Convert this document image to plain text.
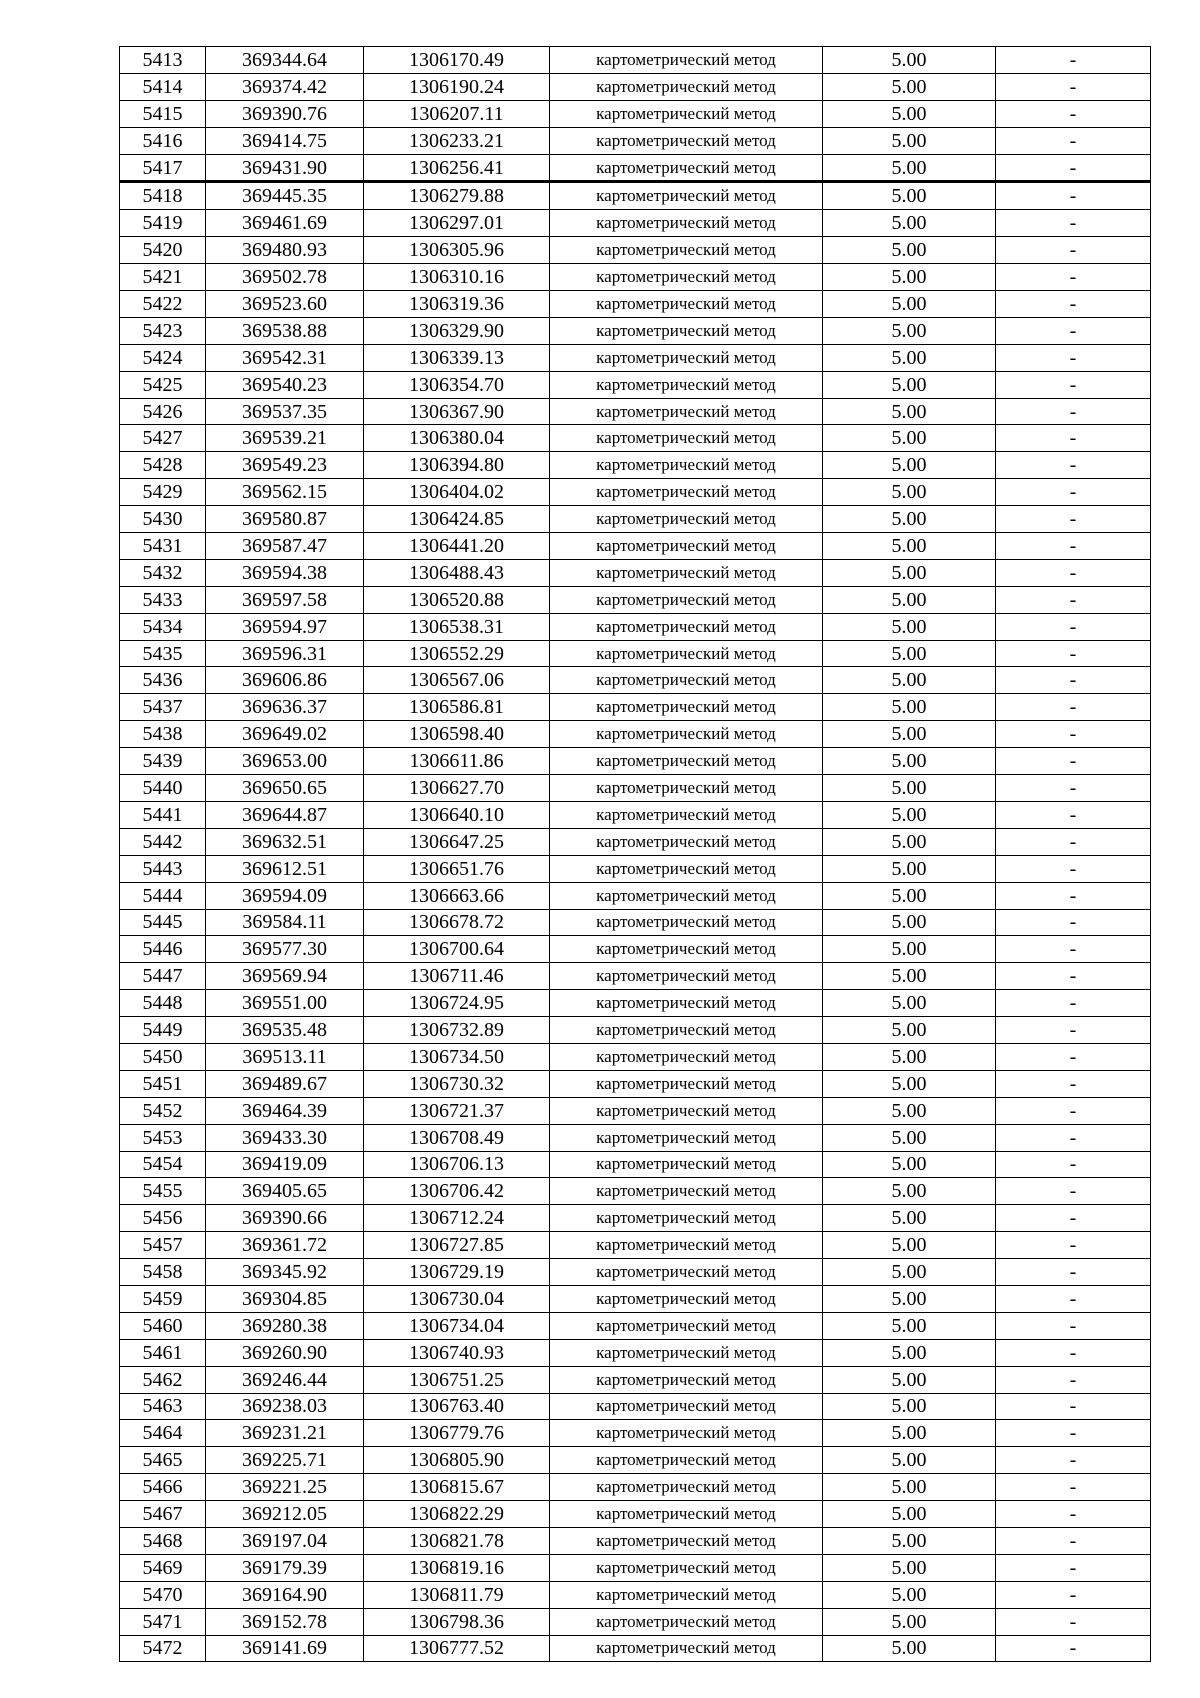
5413	369344.64	1306170.49	картометрический метод	5.00	-
5414	369374.42	1306190.24	картометрический метод	5.00	-
5415	369390.76	1306207.11	картометрический метод	5.00	-
5416	369414.75	1306233.21	картометрический метод	5.00	-
5417	369431.90	1306256.41	картометрический метод	5.00	-
5418	369445.35	1306279.88	картометрический метод	5.00	-
5419	369461.69	1306297.01	картометрический метод	5.00	-
5420	369480.93	1306305.96	картометрический метод	5.00	-
5421	369502.78	1306310.16	картометрический метод	5.00	-
5422	369523.60	1306319.36	картометрический метод	5.00	-
5423	369538.88	1306329.90	картометрический метод	5.00	-
5424	369542.31	1306339.13	картометрический метод	5.00	-
5425	369540.23	1306354.70	картометрический метод	5.00	-
5426	369537.35	1306367.90	картометрический метод	5.00	-
5427	369539.21	1306380.04	картометрический метод	5.00	-
5428	369549.23	1306394.80	картометрический метод	5.00	-
5429	369562.15	1306404.02	картометрический метод	5.00	-
5430	369580.87	1306424.85	картометрический метод	5.00	-
5431	369587.47	1306441.20	картометрический метод	5.00	-
5432	369594.38	1306488.43	картометрический метод	5.00	-
5433	369597.58	1306520.88	картометрический метод	5.00	-
5434	369594.97	1306538.31	картометрический метод	5.00	-
5435	369596.31	1306552.29	картометрический метод	5.00	-
5436	369606.86	1306567.06	картометрический метод	5.00	-
5437	369636.37	1306586.81	картометрический метод	5.00	-
5438	369649.02	1306598.40	картометрический метод	5.00	-
5439	369653.00	1306611.86	картометрический метод	5.00	-
5440	369650.65	1306627.70	картометрический метод	5.00	-
5441	369644.87	1306640.10	картометрический метод	5.00	-
5442	369632.51	1306647.25	картометрический метод	5.00	-
5443	369612.51	1306651.76	картометрический метод	5.00	-
5444	369594.09	1306663.66	картометрический метод	5.00	-
5445	369584.11	1306678.72	картометрический метод	5.00	-
5446	369577.30	1306700.64	картометрический метод	5.00	-
5447	369569.94	1306711.46	картометрический метод	5.00	-
5448	369551.00	1306724.95	картометрический метод	5.00	-
5449	369535.48	1306732.89	картометрический метод	5.00	-
5450	369513.11	1306734.50	картометрический метод	5.00	-
5451	369489.67	1306730.32	картометрический метод	5.00	-
5452	369464.39	1306721.37	картометрический метод	5.00	-
5453	369433.30	1306708.49	картометрический метод	5.00	-
5454	369419.09	1306706.13	картометрический метод	5.00	-
5455	369405.65	1306706.42	картометрический метод	5.00	-
5456	369390.66	1306712.24	картометрический метод	5.00	-
5457	369361.72	1306727.85	картометрический метод	5.00	-
5458	369345.92	1306729.19	картометрический метод	5.00	-
5459	369304.85	1306730.04	картометрический метод	5.00	-
5460	369280.38	1306734.04	картометрический метод	5.00	-
5461	369260.90	1306740.93	картометрический метод	5.00	-
5462	369246.44	1306751.25	картометрический метод	5.00	-
5463	369238.03	1306763.40	картометрический метод	5.00	-
5464	369231.21	1306779.76	картометрический метод	5.00	-
5465	369225.71	1306805.90	картометрический метод	5.00	-
5466	369221.25	1306815.67	картометрический метод	5.00	-
5467	369212.05	1306822.29	картометрический метод	5.00	-
5468	369197.04	1306821.78	картометрический метод	5.00	-
5469	369179.39	1306819.16	картометрический метод	5.00	-
5470	369164.90	1306811.79	картометрический метод	5.00	-
5471	369152.78	1306798.36	картометрический метод	5.00	-
5472	369141.69	1306777.52	картометрический метод	5.00	-
